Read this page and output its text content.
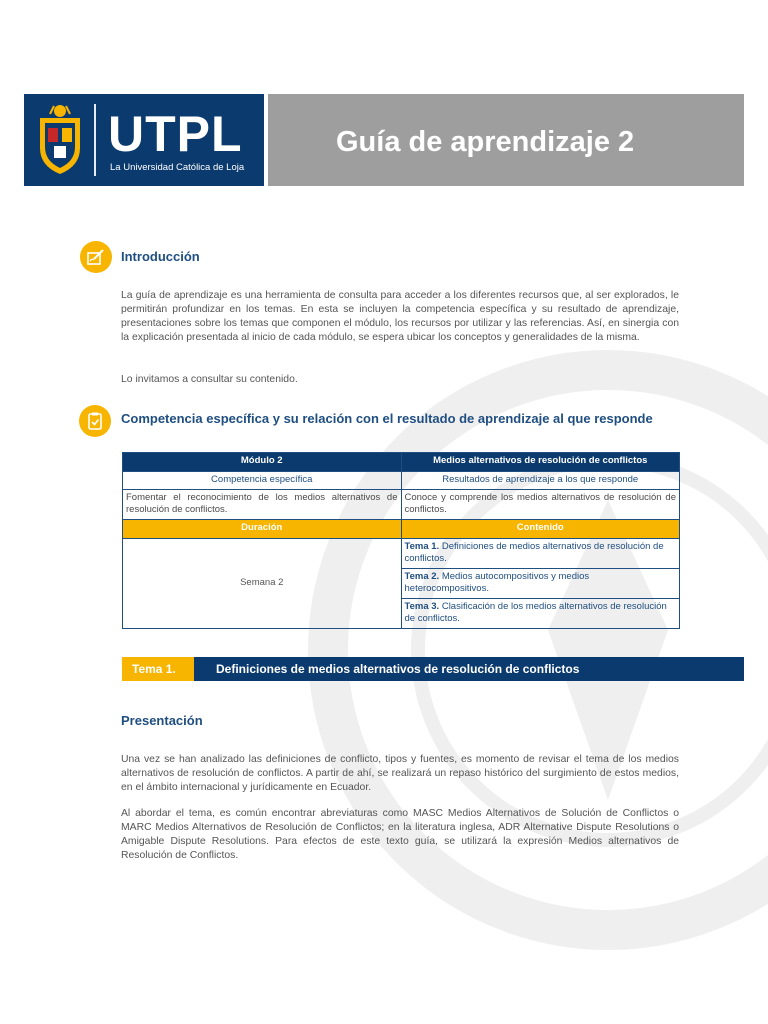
UTPL
La Universidad Católica de Loja
Guía de aprendizaje 2
Introducción
La guía de aprendizaje es una herramienta de consulta para acceder a los diferentes recursos que, al ser explorados, le permitirán profundizar en los temas. En esta se incluyen la competencia específica y su resultado de aprendizaje, presentaciones sobre los temas que componen el módulo, los recursos por utilizar y las referencias. Así, en sinergia con la explicación presentada al inicio de cada módulo, se espera ubicar los conceptos y generalidades de la misma.
Lo invitamos a consultar su contenido.
Competencia específica y su relación con el resultado de aprendizaje al que responde
Módulo 2	Medios alternativos de resolución de conflictos
Competencia específica	Resultados de aprendizaje a los que responde
Fomentar el reconocimiento de los medios alternativos de resolución de conflictos.	Conoce y comprende los medios alternativos de resolución de conflictos.
Duración	Contenido
Semana 2	Tema 1. Definiciones de medios alternativos de resolución de conflictos.
	Tema 2. Medios autocompositivos y medios heterocompositivos.
	Tema 3. Clasificación de los medios alternativos de resolución de conflictos.
Tema 1.	Definiciones de medios alternativos de resolución de conflictos
Presentación
Una vez se han analizado las definiciones de conflicto, tipos y fuentes, es momento de revisar el tema de los medios alternativos de resolución de conflictos. A partir de ahí, se realizará un repaso histórico del surgimiento de estos medios, en el ámbito internacional y jurídicamente en Ecuador.
Al abordar el tema, es común encontrar abreviaturas como MASC Medios Alternativos de Solución de Conflictos o MARC Medios Alternativos de Resolución de Conflictos; en la literatura inglesa, ADR Alternative Dispute Resolutions o Amigable Dispute Resolutions. Para efectos de este texto guía, se utilizará la expresión Medios alternativos de Resolución de Conflictos.
